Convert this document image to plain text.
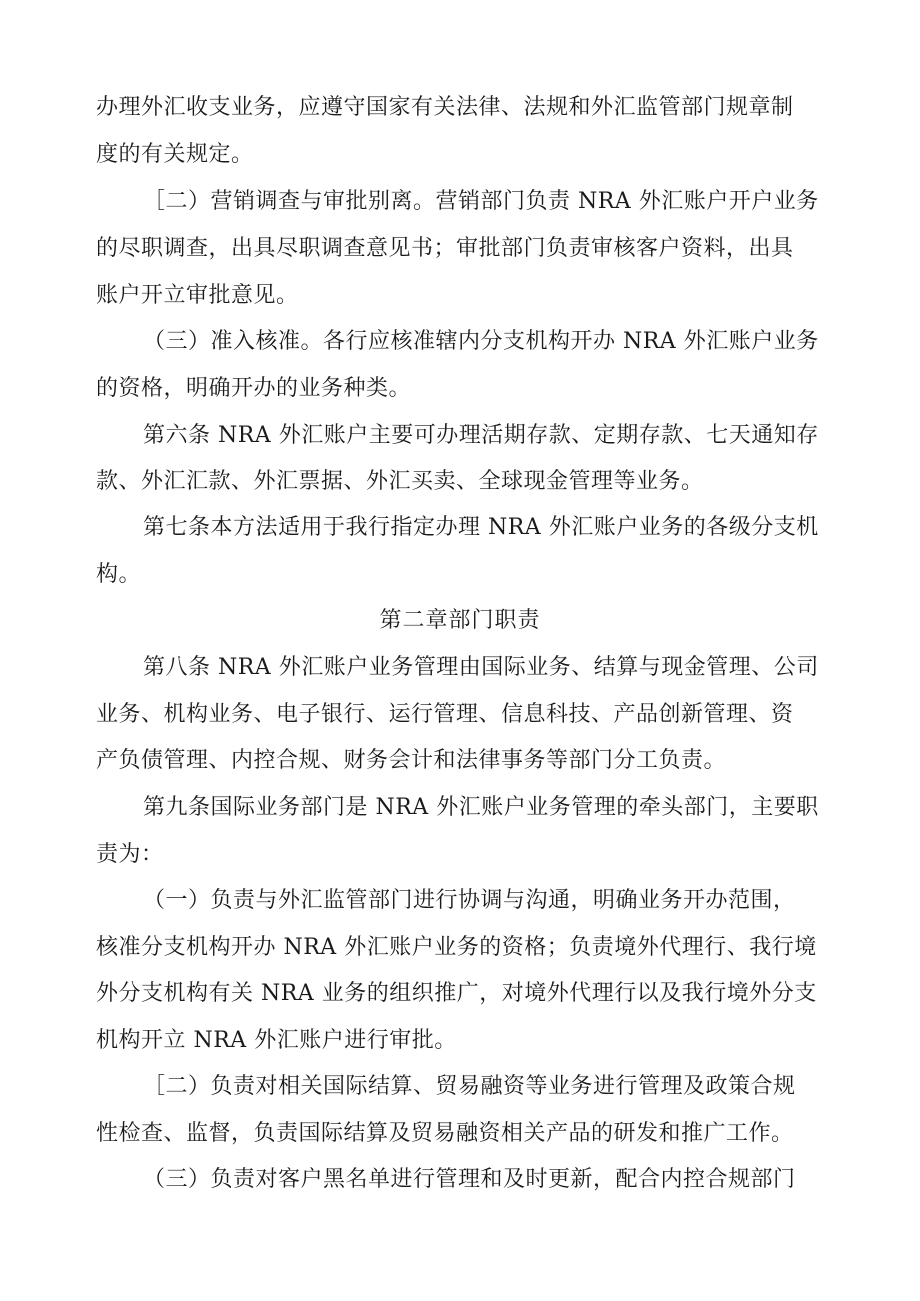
办理外汇收支业务，应遵守国家有关法律、法规和外汇监管部门规章制
度的有关规定。
［二）营销调查与审批别离。营销部门负责 NRA 外汇账户开户业务
的尽职调查，出具尽职调查意见书；审批部门负责审核客户资料，出具
账户开立审批意见。
（三）准入核准。各行应核准辖内分支机构开办 NRA 外汇账户业务
的资格，明确开办的业务种类。
第六条 NRA 外汇账户主要可办理活期存款、定期存款、七天通知存
款、外汇汇款、外汇票据、外汇买卖、全球现金管理等业务。
第七条本方法适用于我行指定办理 NRA 外汇账户业务的各级分支机
构。
第二章部门职责
第八条 NRA 外汇账户业务管理由国际业务、结算与现金管理、公司
业务、机构业务、电子银行、运行管理、信息科技、产品创新管理、资
产负债管理、内控合规、财务会计和法律事务等部门分工负责。
第九条国际业务部门是 NRA 外汇账户业务管理的牵头部门，主要职
责为：
（一）负责与外汇监管部门进行协调与沟通，明确业务开办范围，
核准分支机构开办 NRA 外汇账户业务的资格；负责境外代理行、我行境
外分支机构有关 NRA 业务的组织推广，对境外代理行以及我行境外分支
机构开立 NRA 外汇账户进行审批。
［二）负责对相关国际结算、贸易融资等业务进行管理及政策合规
性检查、监督，负责国际结算及贸易融资相关产品的研发和推广工作。
（三）负责对客户黑名单进行管理和及时更新，配合内控合规部门
